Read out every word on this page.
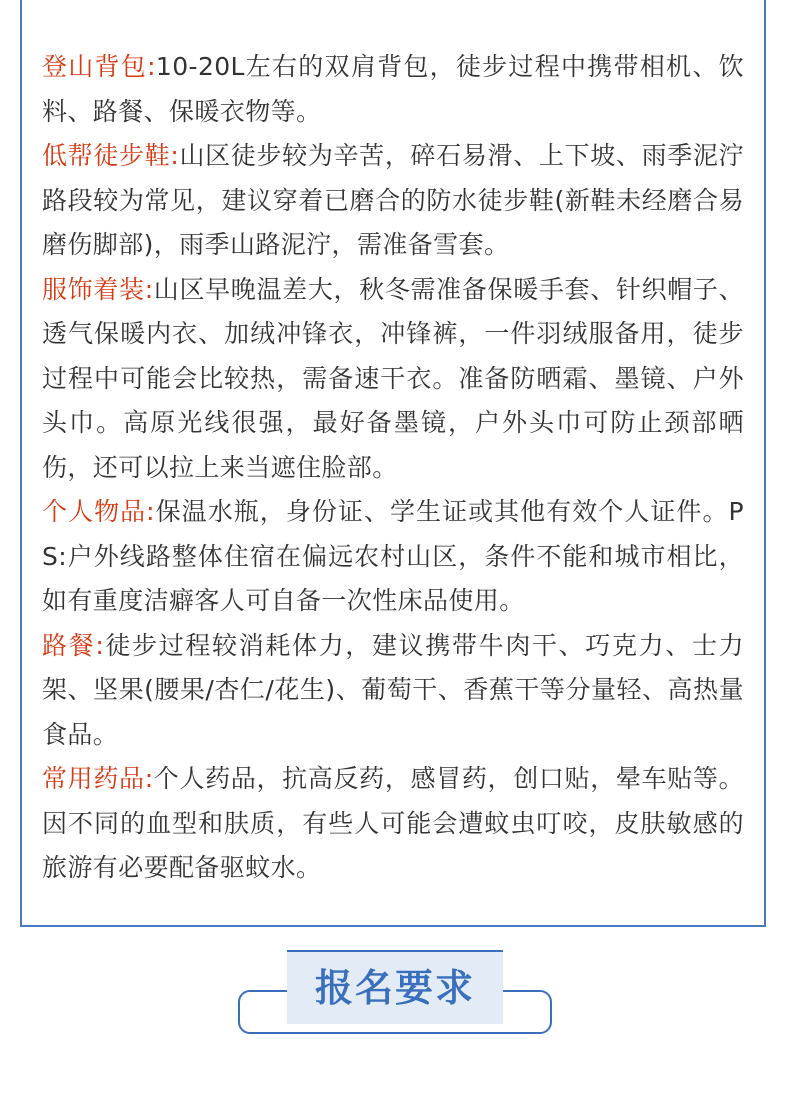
登山背包:10-20L左右的双肩背包，徒步过程中携带相机、饮料、路餐、保暖衣物等。

低帮徒步鞋:山区徒步较为辛苦，碎石易滑、上下坡、雨季泥泞路段较为常见，建议穿着已磨合的防水徒步鞋(新鞋未经磨合易磨伤脚部)，雨季山路泥泞，需准备雪套。

服饰着装:山区早晚温差大，秋冬需准备保暖手套、针织帽子、透气保暖内衣、加绒冲锋衣，冲锋裤，一件羽绒服备用，徒步过程中可能会比较热，需备速干衣。准备防晒霜、墨镜、户外头巾。高原光线很强，最好备墨镜，户外头巾可防止颈部晒伤，还可以拉上来当遮住脸部。

个人物品:保温水瓶，身份证、学生证或其他有效个人证件。PS:户外线路整体住宿在偏远农村山区，条件不能和城市相比，如有重度洁癖客人可自备一次性床品使用。

路餐:徒步过程较消耗体力，建议携带牛肉干、巧克力、士力架、坚果(腰果/杏仁/花生)、葡萄干、香蕉干等分量轻、高热量食品。

常用药品:个人药品，抗高反药，感冒药，创口贴，晕车贴等。因不同的血型和肤质，有些人可能会遭蚊虫叮咬，皮肤敏感的旅游有必要配备驱蚊水。

报名要求
